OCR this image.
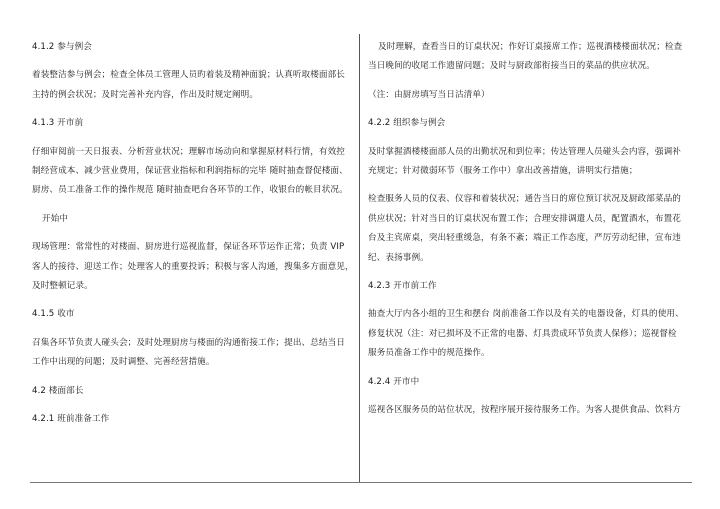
4.1.2 参与例会

着装整洁参与例会；检查全体员工管理人员旳着装及精神面貌；认真听取楼面部长

主持的例会状况；及时完善补充内容，作出及时规定阐明。

4.1.3 开市前

仔细审阅前一天日报表、分析营业状况；理解市场动向和掌握原材料行情，有效控

制经营成本、减少营业费用，保证营业指标和利润指标的完毕 随时抽查督促楼面、

厨房、员工准备工作的操作规范 随时抽查吧台各环节的工作，收银台的帐目状况。

开始中

现场管理：常常性的对楼面、厨房进行巡视监督，保证各环节运作正常；负责 VIP

客人的接待、迎送工作；处理客人的重要投诉；积极与客人沟通，搜集多方面意见，

及时整顿记录。

4.1.5 收市

召集各环节负责人碰头会；及时处理厨房与楼面的沟通衔接工作；提出、总结当日

工作中出现的问题；及时调整、完善经营措施。

4.2 楼面部长

4.2.1 班前准备工作

及时理解，查看当日的订桌状况；作好订桌接席工作；巡视酒楼楼面状况；检查

当日晚间的收尾工作遗留问题；及时与厨政部衔接当日的菜品的供应状况。

（注：由厨房填写当日沽清单）

4.2.2 组织参与例会

及时掌握酒楼楼面部人员的出勤状况和到位率；传达管理人员碰头会内容，强调补

充规定；针对微弱环节（服务工作中）拿出改善措施，讲明实行措施；

检查服务人员的仪表、仪容和着装状况；通告当日的席位预订状况及厨政部菜品的

供应状况；针对当日的订桌状况布置工作；合理安排调遣人员，配置酒水，布置花

台及主宾席桌，突出轻重缓急，有条不紊；端正工作态度，严厉劳动纪律，宣布违

纪、表扬事例。

4.2.3 开市前工作

抽查大厅内各小组的卫生和摆台 岗前准备工作以及有关的电器设备，灯具的使用、

修复状况（注：对已损坏及不正常的电器、灯具责成环节负责人保修）；巡视督检

服务员准备工作中的规范操作。

4.2.4 开市中

巡视各区服务员的站位状况，按程序展开接待服务工作。为客人提供食品、饮料方
